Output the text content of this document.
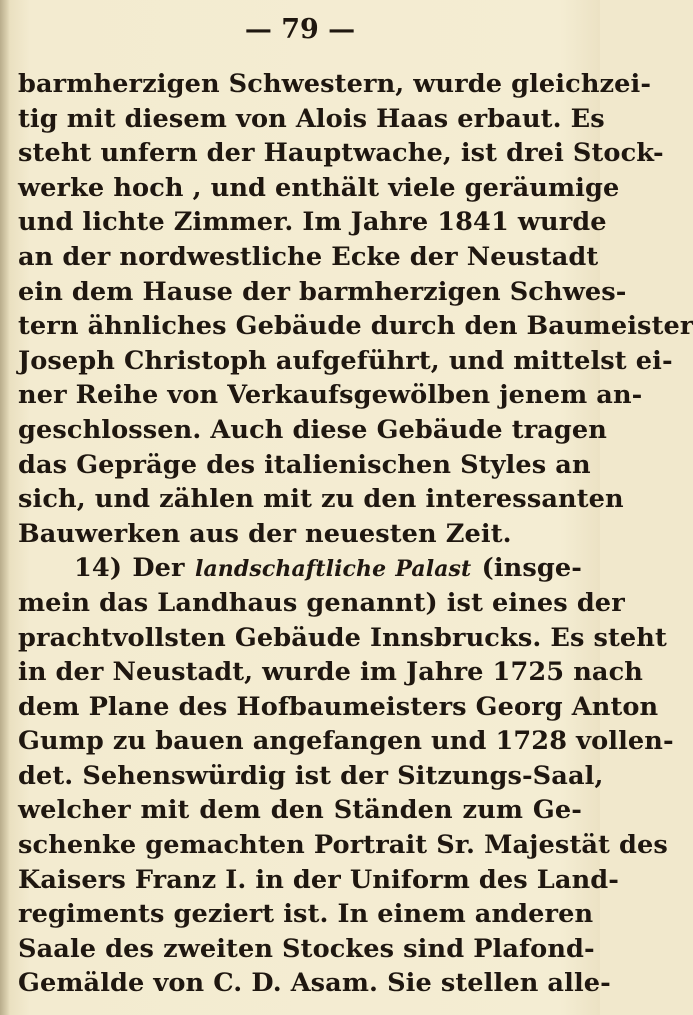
— 79 —
barmherzigen Schwestern, wurde gleichzei-
tig mit diesem von Alois Haas erbaut. Es
steht unfern der Hauptwache, ist drei Stock-
werke hoch , und enthält viele geräumige
und lichte Zimmer. Im Jahre 1841 wurde
an der nordwestliche Ecke der Neustadt
ein dem Hause der barmherzigen Schwes-
tern ähnliches Gebäude durch den Baumeister
Joseph Christoph aufgeführt, und mittelst ei-
ner Reihe von Verkaufsgewölben jenem an-
geschlossen. Auch diese Gebäude tragen
das Gepräge des italienischen Styles an
sich, und zählen mit zu den interessanten
Bauwerken aus der neuesten Zeit.
14) Der landschaftliche Palast (insge-
mein das Landhaus genannt) ist eines der
prachtvollsten Gebäude Innsbrucks. Es steht
in der Neustadt, wurde im Jahre 1725 nach
dem Plane des Hofbaumeisters Georg Anton
Gump zu bauen angefangen und 1728 vollen-
det. Sehenswürdig ist der Sitzungs-Saal,
welcher mit dem den Ständen zum Ge-
schenke gemachten Portrait Sr. Majestät des
Kaisers Franz I. in der Uniform des Land-
regiments geziert ist. In einem anderen
Saale des zweiten Stockes sind Plafond-
Gemälde von C. D. Asam. Sie stellen alle-
